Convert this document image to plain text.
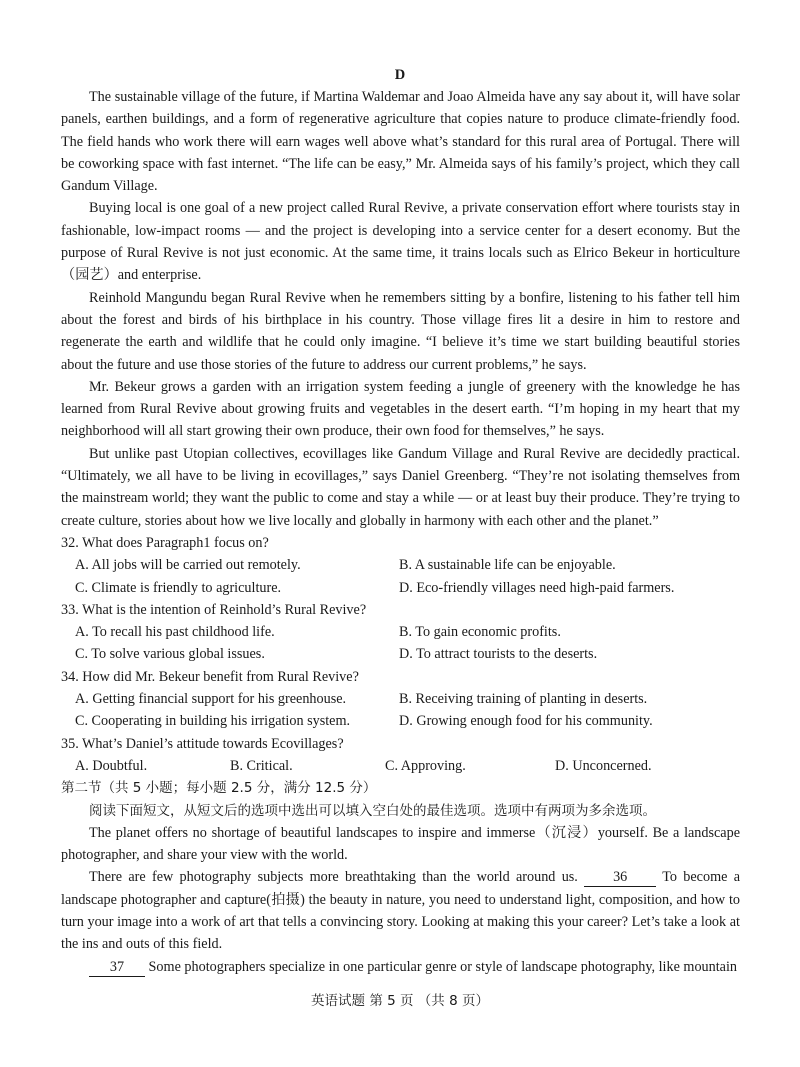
D

The sustainable village of the future, if Martina Waldemar and Joao Almeida have any say about it, will have solar panels, earthen buildings, and a form of regenerative agriculture that copies nature to produce climate-friendly food. The field hands who work there will earn wages well above what’s standard for this rural area of Portugal. There will be coworking space with fast internet. “The life can be easy,” Mr. Almeida says of his family’s project, which they call Gandum Village.

Buying local is one goal of a new project called Rural Revive, a private conservation effort where tourists stay in fashionable, low-impact rooms — and the project is developing into a service center for a desert economy. But the purpose of Rural Revive is not just economic. At the same time, it trains locals such as Elrico Bekeur in horticulture（园艺）and enterprise.

Reinhold Mangundu began Rural Revive when he remembers sitting by a bonfire, listening to his father tell him about the forest and birds of his birthplace in his country. Those village fires lit a desire in him to restore and regenerate the earth and wildlife that he could only imagine. “I believe it’s time we start building beautiful stories about the future and use those stories of the future to address our current problems,” he says.

Mr. Bekeur grows a garden with an irrigation system feeding a jungle of greenery with the knowledge he has learned from Rural Revive about growing fruits and vegetables in the desert earth. “I’m hoping in my heart that my neighborhood will all start growing their own produce, their own food for themselves,” he says.

But unlike past Utopian collectives, ecovillages like Gandum Village and Rural Revive are decidedly practical. “Ultimately, we all have to be living in ecovillages,” says Daniel Greenberg. “They’re not isolating themselves from the mainstream world; they want the public to come and stay a while — or at least buy their produce. They’re trying to create culture, stories about how we live locally and globally in harmony with each other and the planet.”

32. What does Paragraph1 focus on?

A. All jobs will be carried out remotely.	B. A sustainable life can be enjoyable.
C. Climate is friendly to agriculture.	D. Eco-friendly villages need high-paid farmers.

33. What is the intention of Reinhold’s Rural Revive?

A. To recall his past childhood life.	B. To gain economic profits.
C. To solve various global issues.	D. To attract tourists to the deserts.

34. How did Mr. Bekeur benefit from Rural Revive?

A. Getting financial support for his greenhouse.	B. Receiving training of planting in deserts.
C. Cooperating in building his irrigation system.	D. Growing enough food for his community.

35. What’s Daniel’s attitude towards Ecovillages?

A. Doubtful.	B. Critical.	C. Approving.	D. Unconcerned.

第二节（共 5 小题；每小题 2.5 分，满分 12.5 分）

阅读下面短文，从短文后的选项中选出可以填入空白处的最佳选项。选项中有两项为多余选项。

The planet offers no shortage of beautiful landscapes to inspire and immerse（沉浸）yourself. Be a landscape photographer, and share your view with the world.

There are few photography subjects more breathtaking than the world around us. 36 To become a landscape photographer and capture(拍摄) the beauty in nature, you need to understand light, composition, and how to turn your image into a work of art that tells a convincing story. Looking at making this your career? Let’s take a look at the ins and outs of this field.

37 Some photographers specialize in one particular genre or style of landscape photography, like mountain

英语试题 第 5 页 （共 8 页）
